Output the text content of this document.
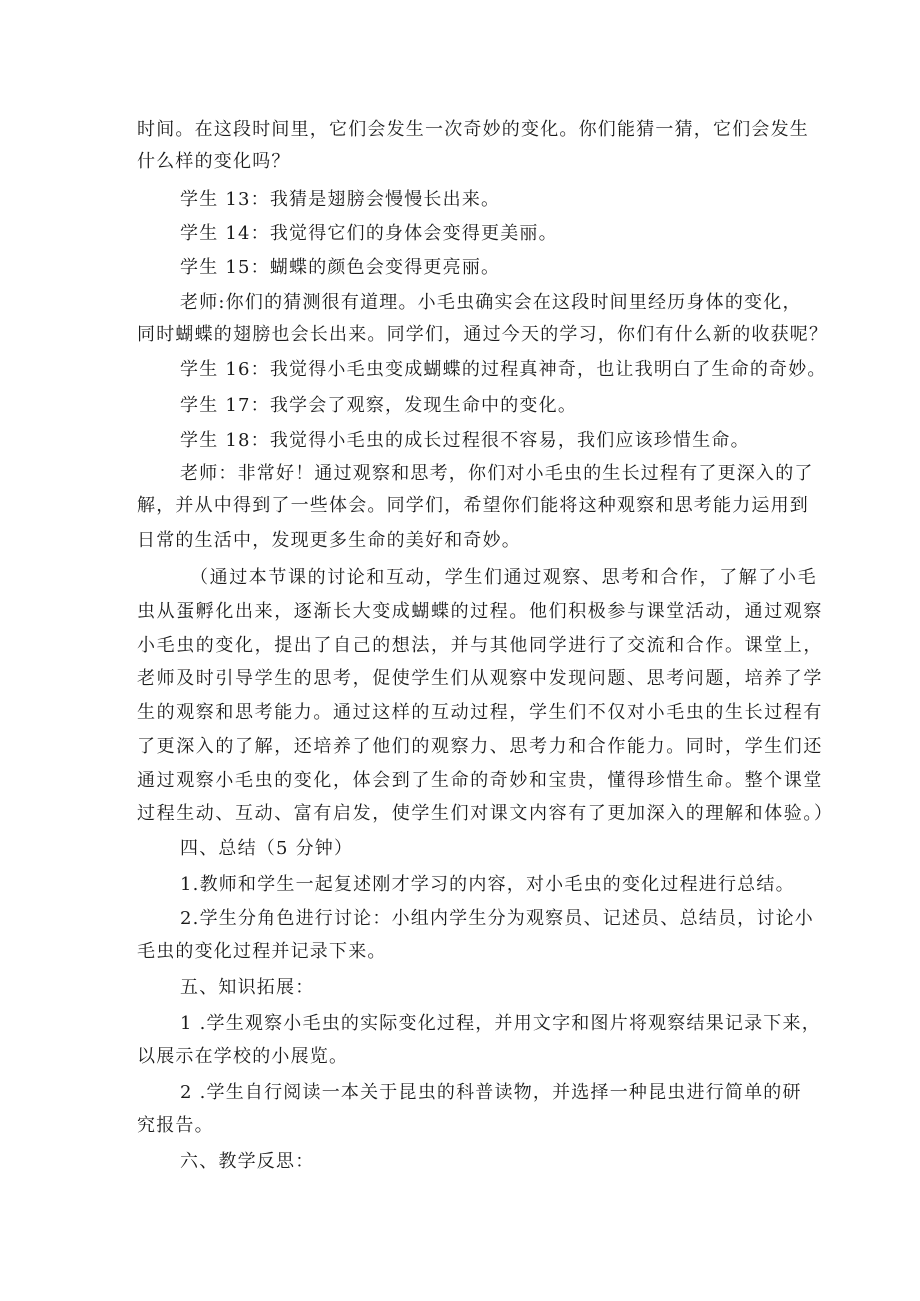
时间。在这段时间里，它们会发生一次奇妙的变化。你们能猜一猜，它们会发生
什么样的变化吗？
学生 13：我猜是翅膀会慢慢长出来。
学生 14：我觉得它们的身体会变得更美丽。
学生 15：蝴蝶的颜色会变得更亮丽。
老师:你们的猜测很有道理。小毛虫确实会在这段时间里经历身体的变化，
同时蝴蝶的翅膀也会长出来。同学们，通过今天的学习，你们有什么新的收获呢？
学生 16：我觉得小毛虫变成蝴蝶的过程真神奇，也让我明白了生命的奇妙。
学生 17：我学会了观察，发现生命中的变化。
学生 18：我觉得小毛虫的成长过程很不容易，我们应该珍惜生命。
老师：非常好！通过观察和思考，你们对小毛虫的生长过程有了更深入的了
解，并从中得到了一些体会。同学们，希望你们能将这种观察和思考能力运用到
日常的生活中，发现更多生命的美好和奇妙。
（通过本节课的讨论和互动，学生们通过观察、思考和合作，了解了小毛
虫从蛋孵化出来，逐渐长大变成蝴蝶的过程。他们积极参与课堂活动，通过观察
小毛虫的变化，提出了自己的想法，并与其他同学进行了交流和合作。课堂上，
老师及时引导学生的思考，促使学生们从观察中发现问题、思考问题，培养了学
生的观察和思考能力。通过这样的互动过程，学生们不仅对小毛虫的生长过程有
了更深入的了解，还培养了他们的观察力、思考力和合作能力。同时，学生们还
通过观察小毛虫的变化，体会到了生命的奇妙和宝贵，懂得珍惜生命。整个课堂
过程生动、互动、富有启发，使学生们对课文内容有了更加深入的理解和体验。）
四、总结（5 分钟）
1.教师和学生一起复述刚才学习的内容，对小毛虫的变化过程进行总结。
2.学生分角色进行讨论：小组内学生分为观察员、记述员、总结员，讨论小
毛虫的变化过程并记录下来。
五、知识拓展：
1 .学生观察小毛虫的实际变化过程，并用文字和图片将观察结果记录下来，
以展示在学校的小展览。
2 .学生自行阅读一本关于昆虫的科普读物，并选择一种昆虫进行简单的研
究报告。
六、教学反思：
